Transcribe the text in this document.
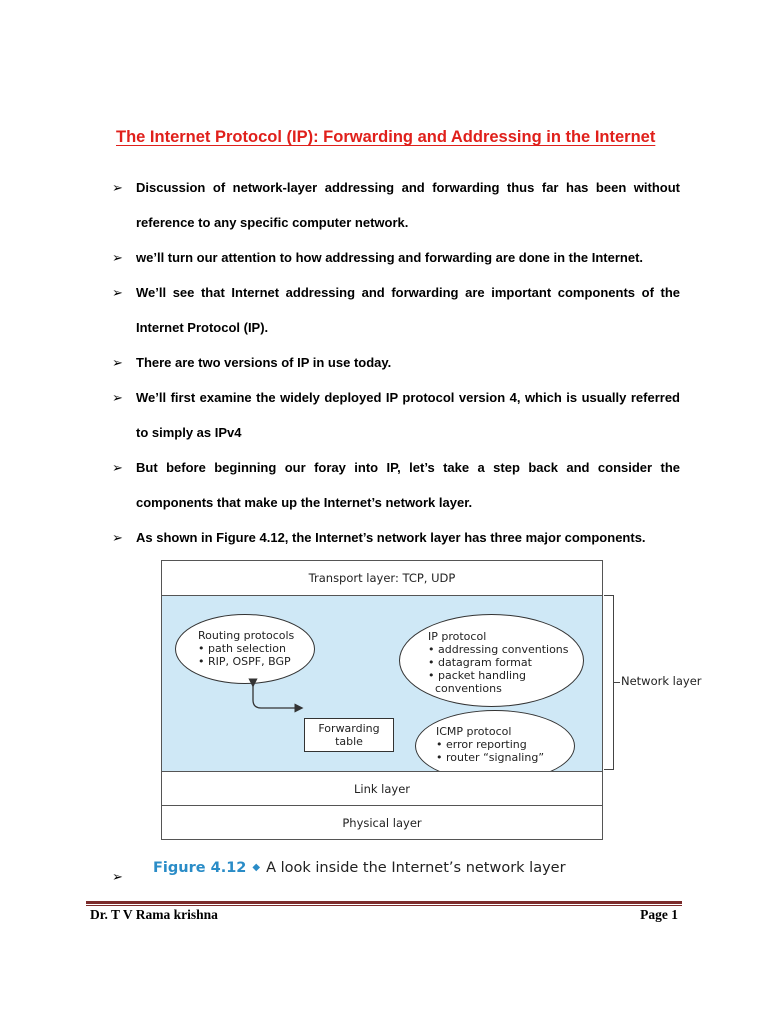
The Internet Protocol (IP): Forwarding and Addressing in the Internet
➢ Discussion of network-layer addressing and forwarding thus far has been without reference to any specific computer network.
➢ we’ll turn our attention to how addressing and forwarding are done in the Internet.
➢ We’ll see that Internet addressing and forwarding are important components of the Internet Protocol (IP).
➢ There are two versions of IP in use today.
➢ We’ll first examine the widely deployed IP protocol version 4, which is usually referred to simply as IPv4
➢ But before beginning our foray into IP, let’s take a step back and consider the components that make up the Internet’s network layer.
➢ As shown in Figure 4.12, the Internet’s network layer has three major components.
Transport layer: TCP, UDP
Routing protocols
• path selection
• RIP, OSPF, BGP
IP protocol
• addressing conventions
• datagram format
• packet handling
conventions
Forwarding
table
ICMP protocol
• error reporting
• router “signaling”
Link layer
Physical layer
Network layer
Figure 4.12 ◆ A look inside the Internet’s network layer
➢
Dr. T V Rama krishna	Page 1
